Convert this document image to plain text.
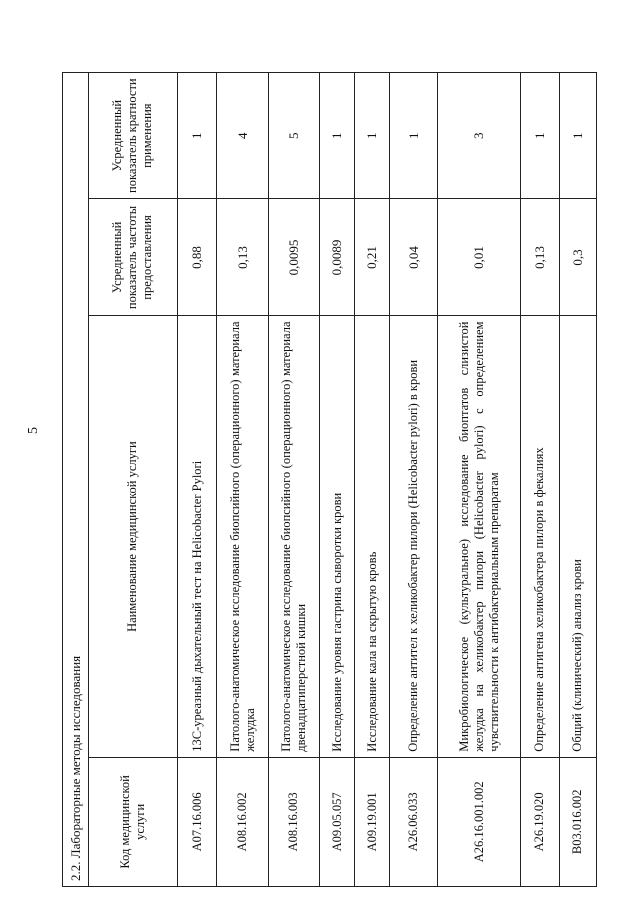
5
2.2. Лабораторные методы исследования			
Код медицинской услуги	Наименование медицинской услуги	Усредненный показатель частоты предоставления	Усредненный показатель кратности применения
A07.16.006	13С-уреазный дыхательный тест на Helicobacter Pylori	0,88	1
A08.16.002	Патолого-анатомическое исследование биопсийного (операционного) материала желудка	0,13	4
A08.16.003	Патолого-анатомическое исследование биопсийного (операционного) материала двенадцатиперстной кишки	0,0095	5
A09.05.057	Исследование уровня гастрина сыворотки крови	0,0089	1
A09.19.001	Исследование кала на скрытую кровь	0,21	1
A26.06.033	Определение антител к хеликобактер пилори (Helicobacter pylori) в крови	0,04	1
A26.16.001.002	Микробиологическое (культуральное) исследование биоптатов слизистой желудка на хеликобактер пилори (Helicobacter pylori) с определением чувствительности к антибактериальным препаратам	0,01	3
A26.19.020	Определение антигена хеликобактера пилори в фекалиях	0,13	1
B03.016.002	Общий (клинический) анализ крови	0,3	1
